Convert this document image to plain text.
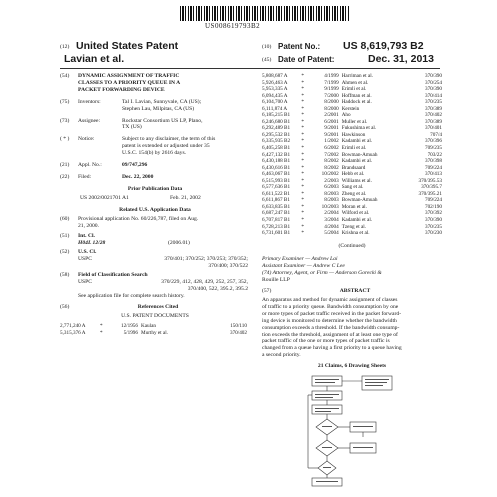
US008619793B2
(12) United States Patent
Lavian et al.
(10) Patent No.: US 8,619,793 B2
(45) Date of Patent:	Dec. 31, 2013
(54)	DYNAMIC ASSIGNMENT OF TRAFFIC
CLASSES TO A PRIORITY QUEUE IN A
PACKET FORWARDING DEVICE
(75)	Inventors:	Tal I. Lavian, Sunnyvale, CA (US);
Stephen Lau, Milpitas, CA (US)
(73)	Assignee:	Rockstar Consortium US LP, Plano,
TX (US)
( * )	Notice:	Subject to any disclaimer, the term of this
patent is extended or adjusted under 35
U.S.C. 154(b) by 2616 days.
(21)	Appl. No.:	09/747,296
(22)	Filed:	Dec. 22, 2000
Prior Publication Data
US 2002/0021701 A1	Feb. 21, 2002
Related U.S. Application Data
(60)	Provisional application No. 60/226,787, filed on Aug.
21, 2000.
(51)	Int. Cl.
H04L 12/28	(2006.01)
(52)	U.S. Cl.
USPC	370/401; 370/252; 370/253; 370/352;
370/400; 370/522
(58)	Field of Classification Search
USPC	370/229, 412, 428, 429, 252, 257, 352,
370/400, 522, 395.2, 395.2
See application file for complete search history.
(56)	References Cited
U.S. PATENT DOCUMENTS
2,771,240 A	*	12/1956 Kaulan	150/110
5,315,376 A	*	5/1996 Murthy et al.	370/402
5,808,687 A	*	4/1999 Harriman et al.	370/390
5,926,463 A	*	7/1999 Ahmen et al.	370/254
5,953,335 A	*	9/1999 Erimli et al.	370/390
6,094,435 A	*	7/2000 Hoffman et al.	370/414
6,104,700 A	*	8/2000 Haddock et al.	370/235
6,111,874 A	*	8/2000 Kerstein	370/389
6,185,215 B1	*	2/2001 Aho	370/402
6,246,680 B1	*	6/2001 Muller et al.	370/389
6,292,489 B1	*	9/2001 Fukushima et al.	370/401
6,295,532 B1	*	9/2001 Hawkinson	707/4
6,335,935 B2	*	1/2002 Kadambi et al.	370/396
6,405,258 B1	*	6/2002 Erimli et al.	709/235
6,427,132 B1	*	7/2002 Bowman-Amuah	703/22
6,430,188 B1	*	8/2002 Kadambi et al.	370/398
6,430,616 B1	*	8/2002 Brandsaard	709/224
6,463,067 B1	*	10/2002 Hebb et al.	370/413
6,515,993 B1	*	2/2003 Williams et al.	370/395.53
6,577,636 B1	*	6/2003 Sang et al.	370/395.7
6,611,522 B1	*	8/2003 Zheng et al.	370/395.21
6,611,867 B1	*	8/2003 Bowman-Amuah	709/224
6,633,835 B1	*	10/2003 Moran et al.	702/190
6,687,247 B1	*	2/2004 Wilford et al.	370/392
6,707,817 B1	*	3/2004 Kadambi et al.	370/390
6,728,213 B1	*	4/2004 Tzeng et al.	370/235
6,731,601 B1	*	5/2004 Krishna et al.	370/230
(Continued)
Primary Examiner — Andrew Lai
Assistant Examiner — Andrew C Lee
(74) Attorney, Agent, or Firm — Anderson Gorecki &
Rouille LLP
(57)	ABSTRACT
An apparatus and method for dynamic assignment of classes
of traffic to a priority queue. Bandwidth consumption by one
or more types of packet traffic received in the packet forward-
ing device is monitored to determine whether the bandwidth
consumption exceeds a threshold. If the bandwidth consump-
tion exceeds the threshold, assignment of at least one type of
packet traffic of the one or more types of packet traffic is
changed from a queue having a first priority to a queue having
a second priority.
21 Claims, 6 Drawing Sheets
